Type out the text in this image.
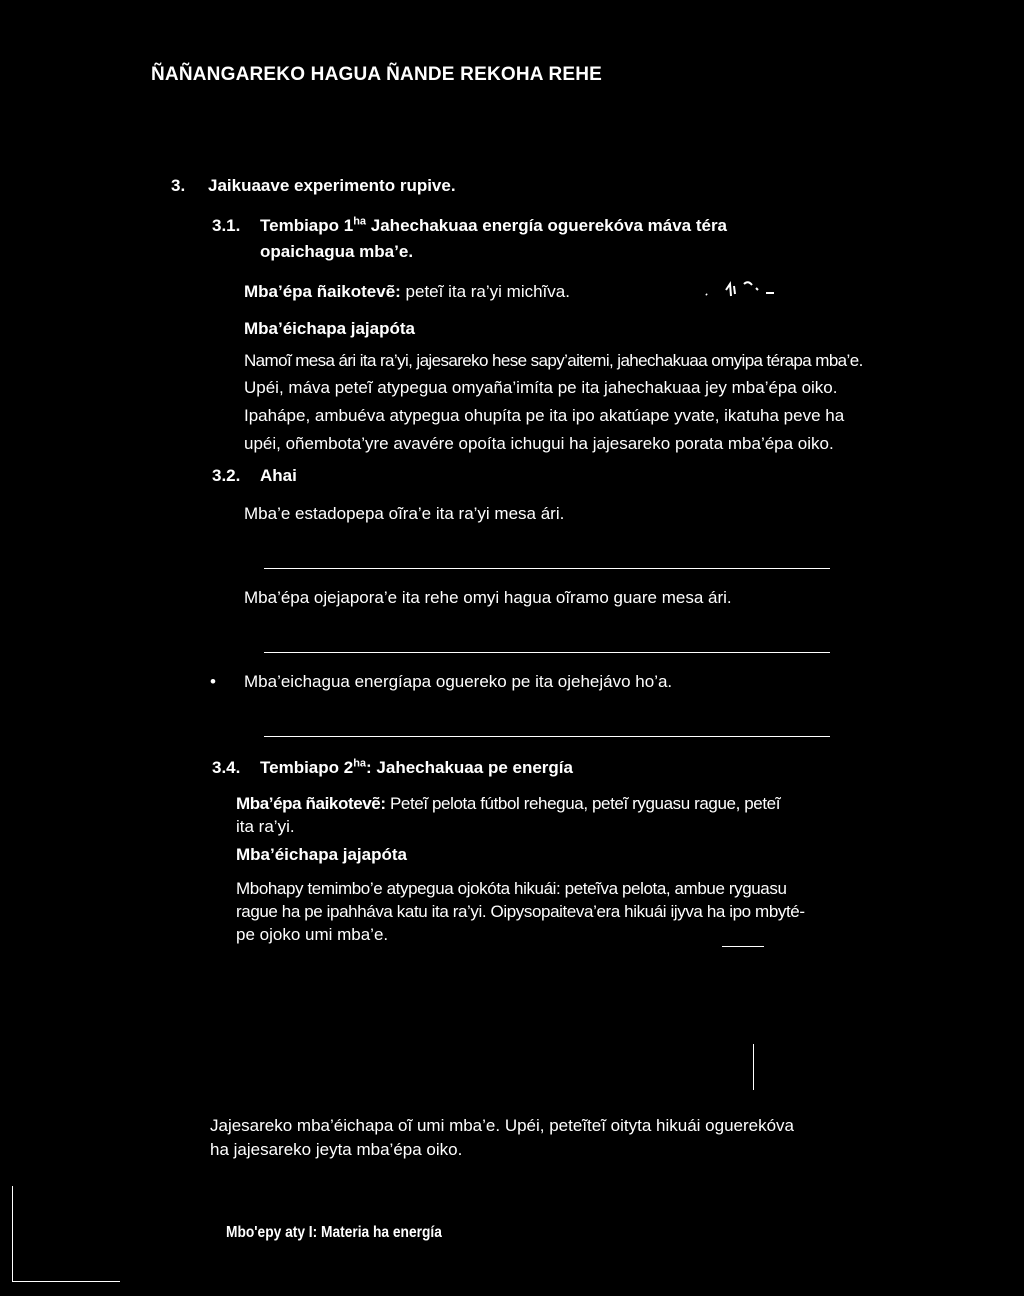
ÑAÑANGAREKO HAGUA ÑANDE REKOHA REHE
3. Jaikuaave experimento rupive.
3.1. Tembiapo $1^{ha}$ Jahechakuaa energía oguerekóva máva téra
opaichagua mba’e.
Mba’épa ñaikotevẽ: peteĩ ita ra’yi michĩva.
Mba’éichapa jajapóta
Namoĩ mesa ári ita ra’yi, jajesareko hese sapy’aitemi, jahechakuaa omyipa térapa mba’e.
Upéi, máva peteĩ atypegua omyaña’imíta pe ita jahechakuaa jey mba’épa oiko.
Ipahápe, ambuéva atypegua ohupíta pe ita ipo akatúape yvate, ikatuha peve ha
upéi, oñembota’yre avavére opoíta ichugui ha jajesareko porata mba’épa oiko.
3.2. Ahai
Mba’e estadopepa oĩra’e ita ra’yi mesa ári.
Mba’épa ojejapora’e ita rehe omyi hagua oĩramo guare mesa ári.
• Mba’eichagua energíapa oguereko pe ita ojehejávo ho’a.
3.4. Tembiapo $2^{ha}$: Jahechakuaa pe energía
Mba’épa ñaikotevẽ: Peteĩ pelota fútbol rehegua, peteĩ ryguasu rague, peteĩ
ita ra’yi.
Mba’éichapa jajapóta
Mbohapy temimbo’e atypegua ojokóta hikuái: peteĩva pelota, ambue ryguasu
rague ha pe ipahháva katu ita ra’yi. Oipysopaiteva’era hikuái ijyva ha ipo mbyté-
pe ojoko umi mba’e.
Jajesareko mba’éichapa oĩ umi mba’e. Upéi, peteĩteĩ oityta hikuái oguerekóva
ha jajesareko jeyta mba’épa oiko.
Mbo'epy aty I: Materia ha energía
